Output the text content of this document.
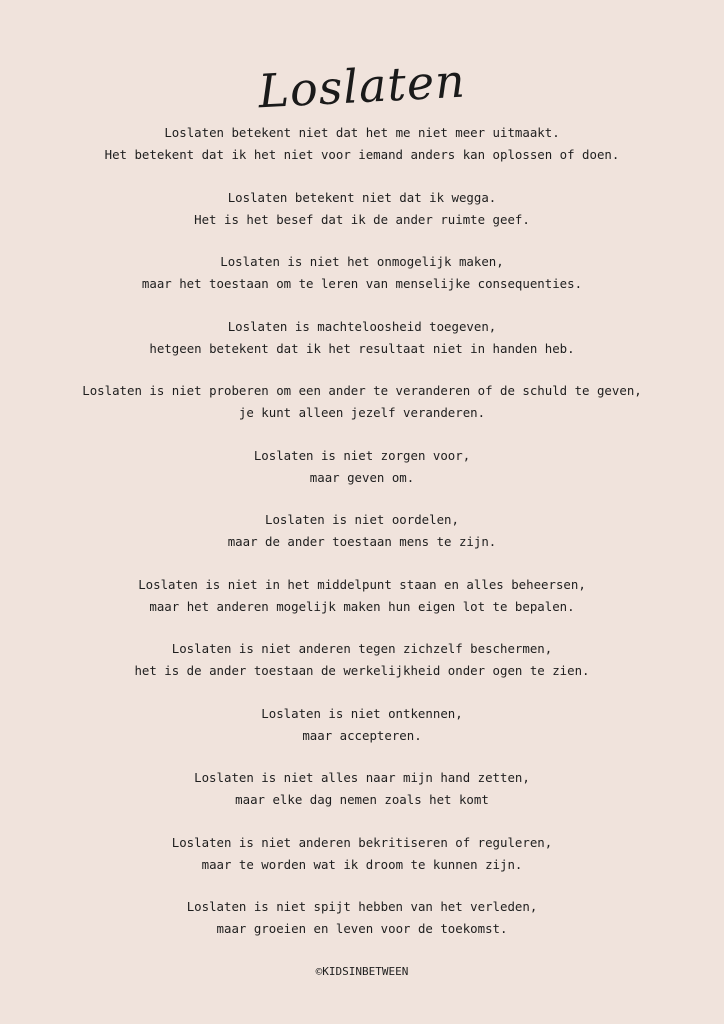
Loslaten
Loslaten betekent niet dat het me niet meer uitmaakt.
Het betekent dat ik het niet voor iemand anders kan oplossen of doen.
Loslaten betekent niet dat ik wegga.
Het is het besef dat ik de ander ruimte geef.
Loslaten is niet het onmogelijk maken,
maar het toestaan om te leren van menselijke consequenties.
Loslaten is machteloosheid toegeven,
hetgeen betekent dat ik het resultaat niet in handen heb.
Loslaten is niet proberen om een ander te veranderen of de schuld te geven,
je kunt alleen jezelf veranderen.
Loslaten is niet zorgen voor,
maar geven om.
Loslaten is niet oordelen,
maar de ander toestaan mens te zijn.
Loslaten is niet in het middelpunt staan en alles beheersen,
maar het anderen mogelijk maken hun eigen lot te bepalen.
Loslaten is niet anderen tegen zichzelf beschermen,
het is de ander toestaan de werkelijkheid onder ogen te zien.
Loslaten is niet ontkennen,
maar accepteren.
Loslaten is niet alles naar mijn hand zetten,
maar elke dag nemen zoals het komt
Loslaten is niet anderen bekritiseren of reguleren,
maar te worden wat ik droom te kunnen zijn.
Loslaten is niet spijt hebben van het verleden,
maar groeien en leven voor de toekomst.
©KIDSINBETWEEN
